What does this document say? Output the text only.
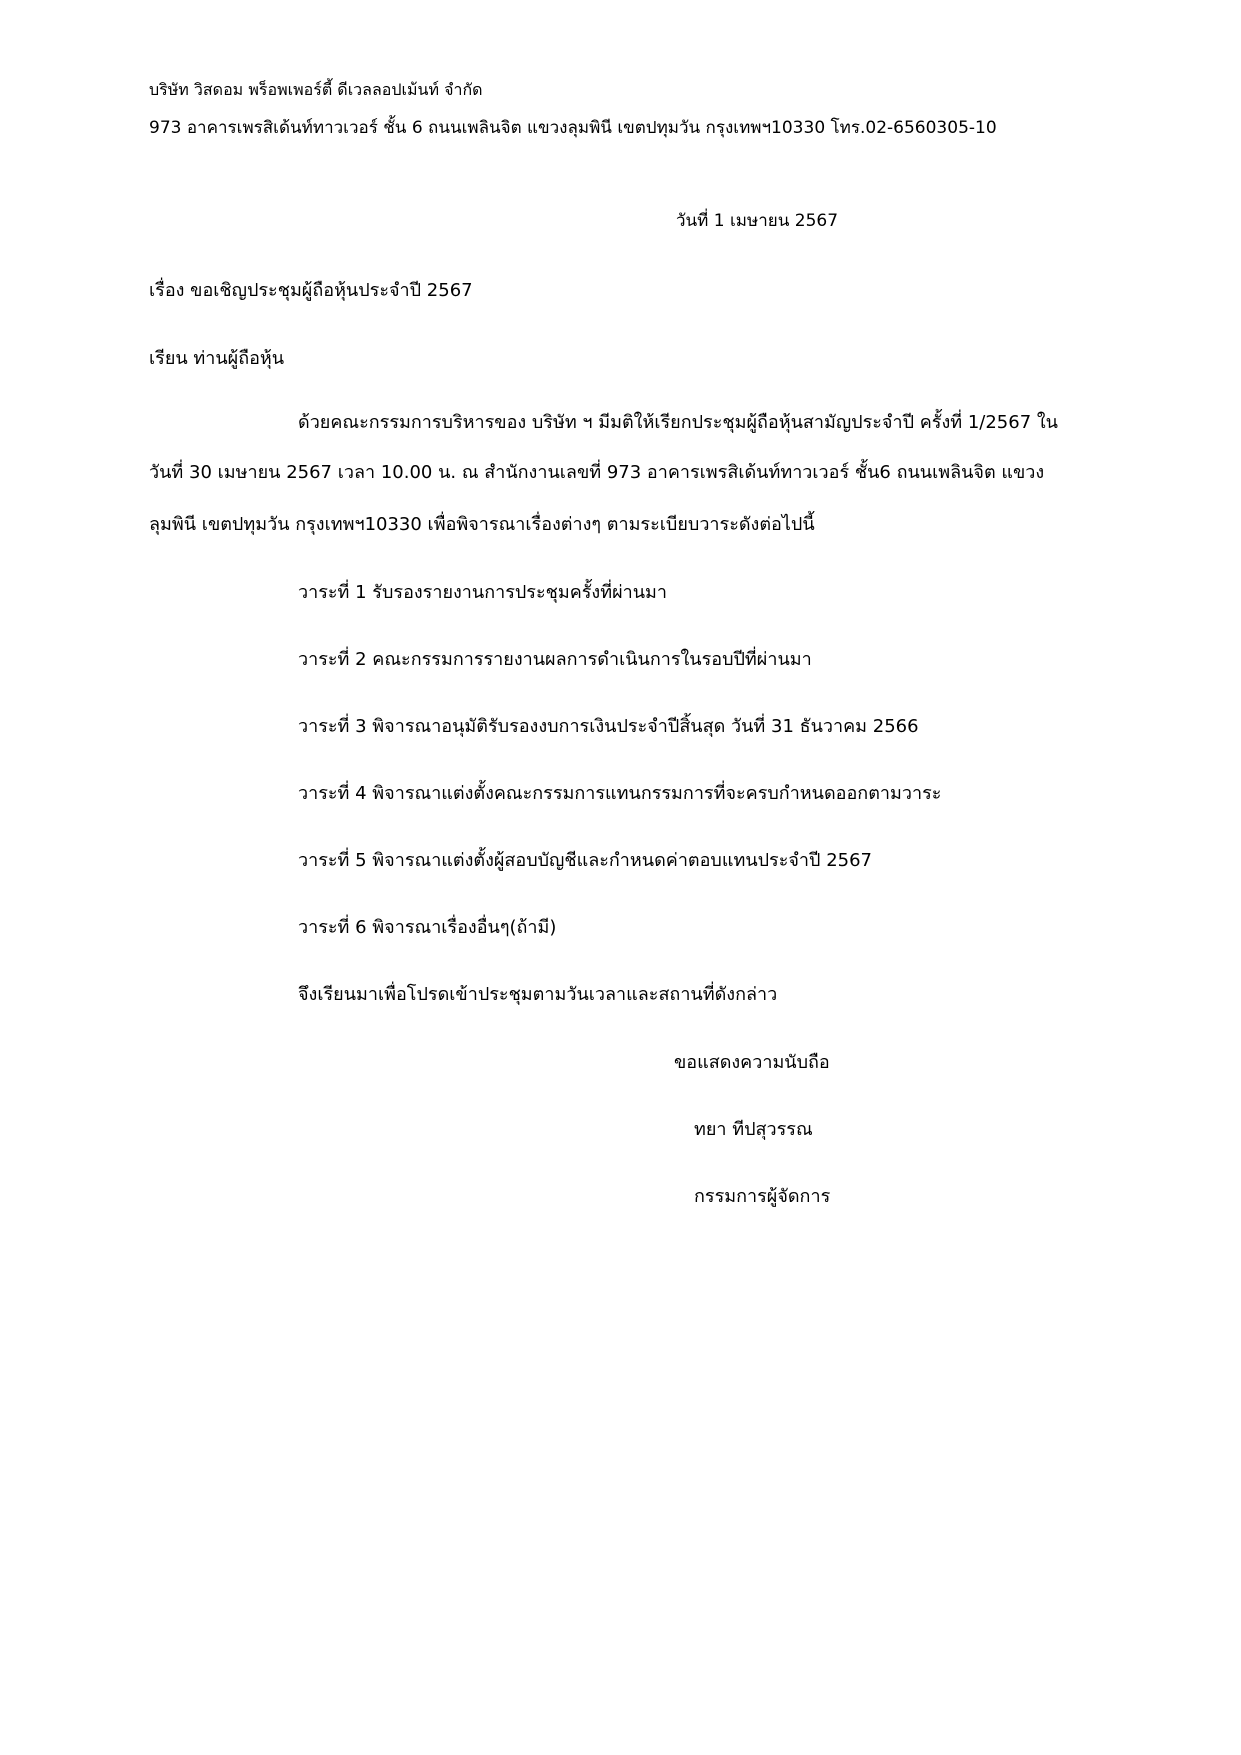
บริษัท วิสดอม พร็อพเพอร์ตี้ ดีเวลลอปเม้นท์ จำกัด
973 อาคารเพรสิเด้นท์ทาวเวอร์ ชั้น 6 ถนนเพลินจิต แขวงลุมพินี เขตปทุมวัน กรุงเทพฯ10330 โทร.02-6560305-10
วันที่ 1 เมษายน 2567
เรื่อง ขอเชิญประชุมผู้ถือหุ้นประจำปี 2567
เรียน ท่านผู้ถือหุ้น
ด้วยคณะกรรมการบริหารของ บริษัท ฯ มีมติให้เรียกประชุมผู้ถือหุ้นสามัญประจำปี ครั้งที่ 1/2567 ใน
วันที่ 30 เมษายน 2567 เวลา 10.00 น. ณ สำนักงานเลขที่ 973 อาคารเพรสิเด้นท์ทาวเวอร์ ชั้น6 ถนนเพลินจิต แขวง
ลุมพินี เขตปทุมวัน กรุงเทพฯ10330 เพื่อพิจารณาเรื่องต่างๆ ตามระเบียบวาระดังต่อไปนี้
วาระที่ 1 รับรองรายงานการประชุมครั้งที่ผ่านมา
วาระที่ 2 คณะกรรมการรายงานผลการดำเนินการในรอบปีที่ผ่านมา
วาระที่ 3 พิจารณาอนุมัติรับรองงบการเงินประจำปีสิ้นสุด วันที่ 31 ธันวาคม 2566
วาระที่ 4 พิจารณาแต่งตั้งคณะกรรมการแทนกรรมการที่จะครบกำหนดออกตามวาระ
วาระที่ 5 พิจารณาแต่งตั้งผู้สอบบัญชีและกำหนดค่าตอบแทนประจำปี 2567
วาระที่ 6 พิจารณาเรื่องอื่นๆ(ถ้ามี)
จึงเรียนมาเพื่อโปรดเข้าประชุมตามวันเวลาและสถานที่ดังกล่าว
ขอแสดงความนับถือ
ทยา ทีปสุวรรณ
กรรมการผู้จัดการ
